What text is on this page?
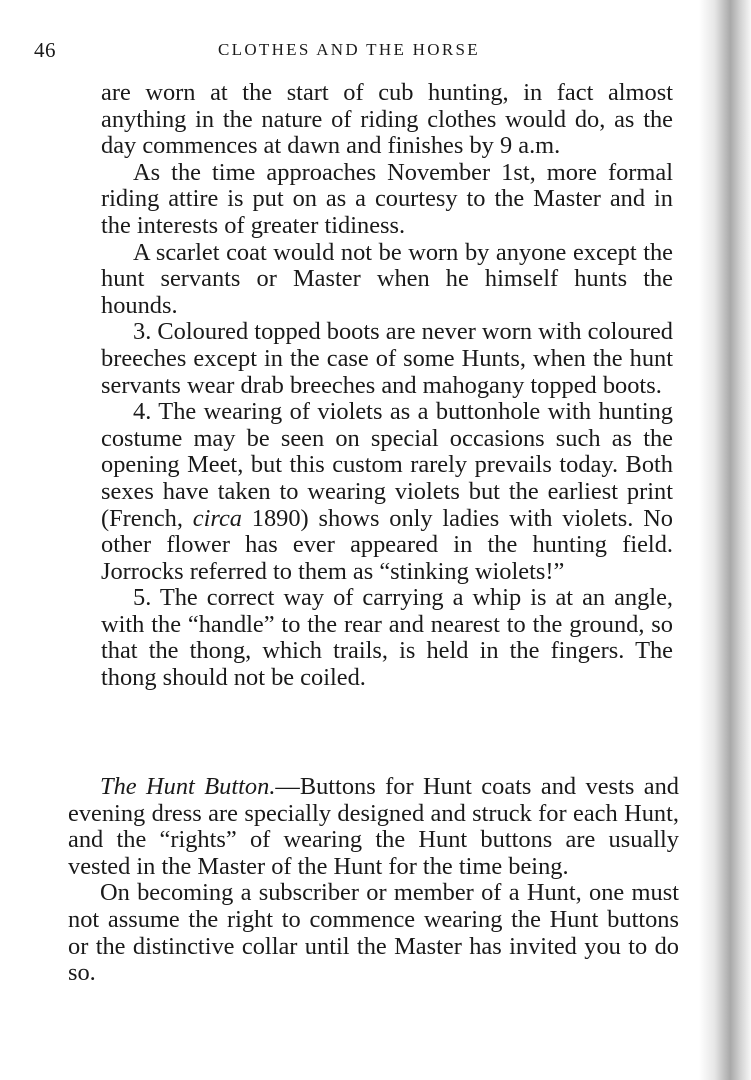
46	CLOTHES AND THE HORSE

are worn at the start of cub hunting, in fact almost anything in the nature of riding clothes would do, as the day commences at dawn and finishes by 9 a.m.

As the time approaches November 1st, more formal riding attire is put on as a courtesy to the Master and in the interests of greater tidiness.

A scarlet coat would not be worn by anyone except the hunt servants or Master when he himself hunts the hounds.

3. Coloured topped boots are never worn with coloured breeches except in the case of some Hunts, when the hunt servants wear drab breeches and mahogany topped boots.

4. The wearing of violets as a buttonhole with hunting costume may be seen on special occasions such as the opening Meet, but this custom rarely prevails today. Both sexes have taken to wearing violets but the earliest print (French, circa 1890) shows only ladies with violets. No other flower has ever appeared in the hunting field. Jorrocks referred to them as “stinking wiolets!”

5. The correct way of carrying a whip is at an angle, with the “handle” to the rear and nearest to the ground, so that the thong, which trails, is held in the fingers. The thong should not be coiled.

The Hunt Button.—Buttons for Hunt coats and vests and evening dress are specially designed and struck for each Hunt, and the “rights” of wearing the Hunt buttons are usually vested in the Master of the Hunt for the time being.

On becoming a subscriber or member of a Hunt, one must not assume the right to commence wearing the Hunt buttons or the distinctive collar until the Master has invited you to do so.
